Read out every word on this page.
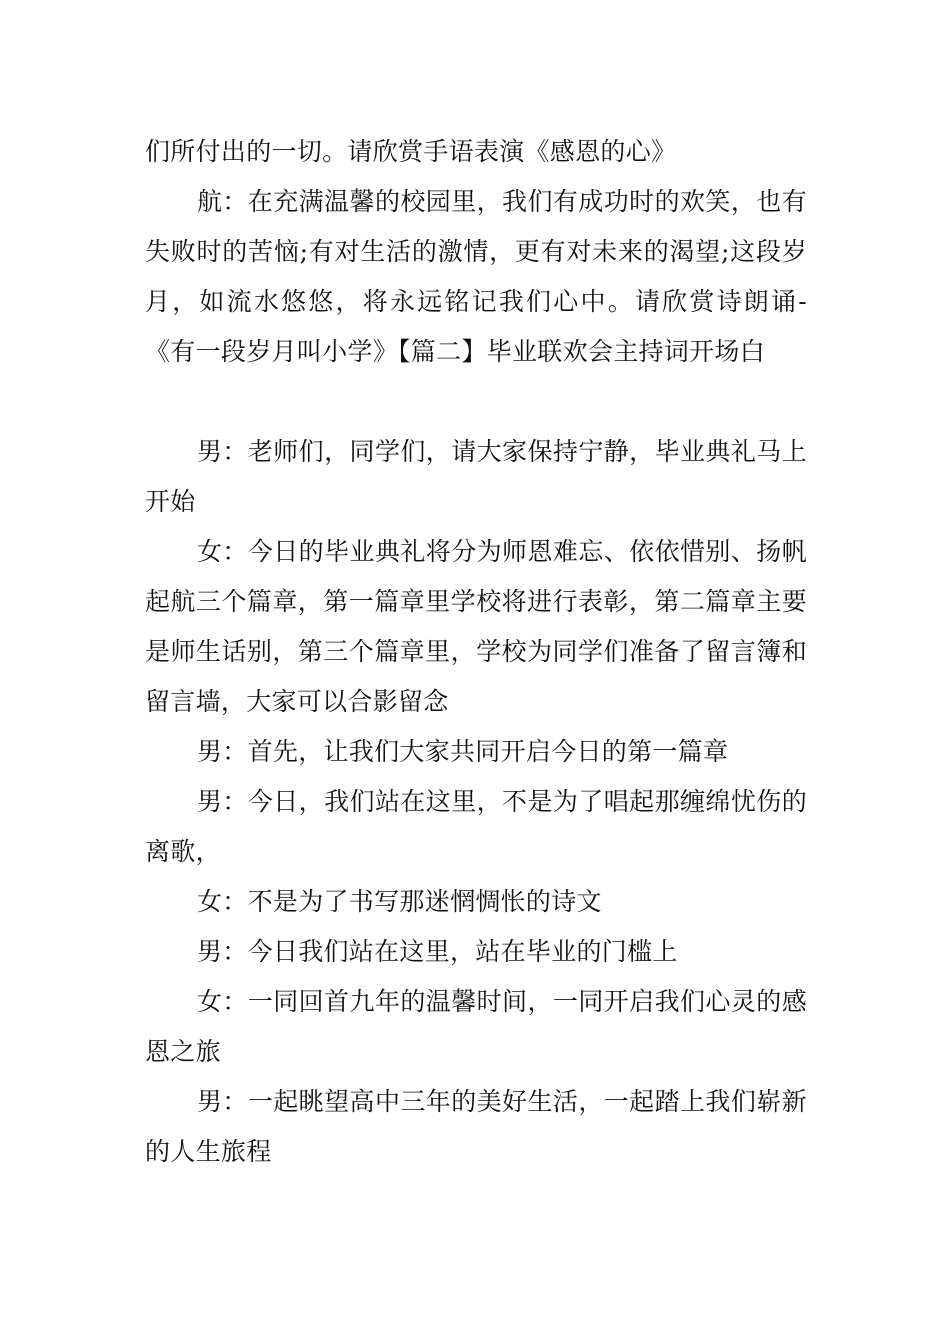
们所付出的一切。请欣赏手语表演《感恩的心》

航：在充满温馨的校园里，我们有成功时的欢笑，也有失败时的苦恼;有对生活的激情，更有对未来的渴望;这段岁月，如流水悠悠，将永远铭记我们心中。请欣赏诗朗诵-《有一段岁月叫小学》【篇二】毕业联欢会主持词开场白

男：老师们，同学们，请大家保持宁静，毕业典礼马上开始

女：今日的毕业典礼将分为师恩难忘、依依惜别、扬帆起航三个篇章，第一篇章里学校将进行表彰，第二篇章主要是师生话别，第三个篇章里，学校为同学们准备了留言簿和留言墙，大家可以合影留念

男：首先，让我们大家共同开启今日的第一篇章

男：今日，我们站在这里，不是为了唱起那缠绵忧伤的离歌，

女：不是为了书写那迷惘惆怅的诗文

男：今日我们站在这里，站在毕业的门槛上

女：一同回首九年的温馨时间，一同开启我们心灵的感恩之旅

男：一起眺望高中三年的美好生活，一起踏上我们崭新的人生旅程
